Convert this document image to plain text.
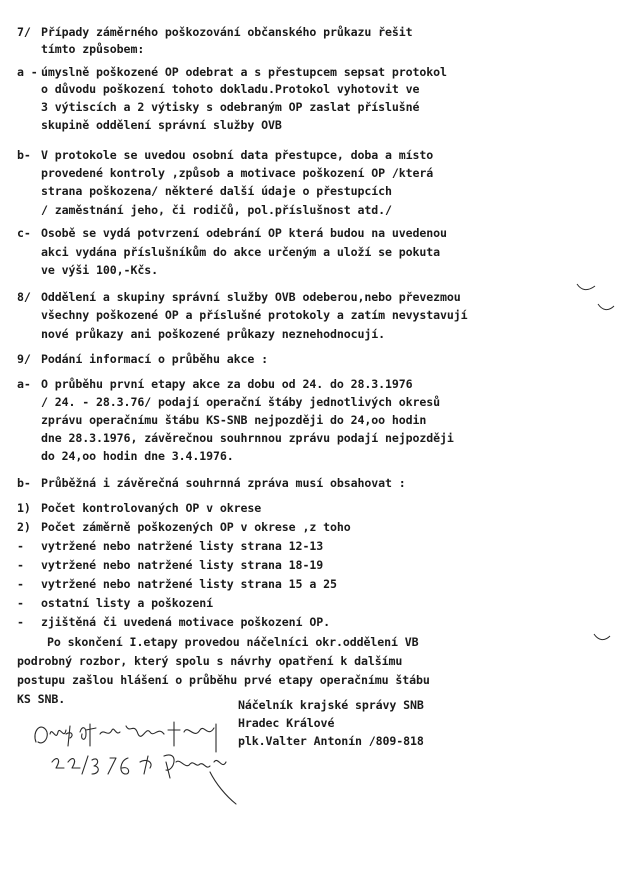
7/ Případy záměrného poškozování občanského průkazu řešit
tímto způsobem:
a - úmyslně poškozené OP odebrat a s přestupcem sepsat protokol
o důvodu poškození tohoto dokladu.Protokol vyhotovit ve
3 výtiscích a 2 výtisky s odebraným OP zaslat příslušné
skupině oddělení správní služby OVB
b- V protokole se uvedou osobní data přestupce, doba a místo
provedené kontroly ,způsob a motivace poškození OP /která
strana poškozena/ některé další údaje o přestupcích
/ zaměstnání jeho, či rodičů, pol.příslušnost atd./
c- Osobě se vydá potvrzení odebrání OP která budou na uvedenou
akci vydána příslušníkům do akce určeným a uloží se pokuta
ve výši 100,-Kčs.
8/ Oddělení a skupiny správní služby OVB odeberou,nebo převezmou
všechny poškozené OP a příslušné protokoly a zatím nevystavují
nové průkazy ani poškozené průkazy neznehodnocují.
9/ Podání informací o průběhu akce :
a- O průběhu první etapy akce za dobu od 24. do 28.3.1976
/ 24. - 28.3.76/ podají operační štáby jednotlivých okresů
zprávu operačnímu štábu KS-SNB nejpozději do 24,oo hodin
dne 28.3.1976, závěrečnou souhrnnou zprávu podají nejpozději
do 24,oo hodin dne 3.4.1976.
b- Průběžná i závěrečná souhrnná zpráva musí obsahovat :
1) Počet kontrolovaných OP v okrese
2) Počet záměrně poškozených OP v okrese ,z toho
- vytržené nebo natržené listy strana 12-13
- vytržené nebo natržené listy strana 18-19
- vytržené nebo natržené listy strana 15 a 25
- ostatní listy a poškození
- zjištěná či uvedená motivace poškození OP.
Po skončení I.etapy provedou náčelníci okr.oddělení VB
podrobný rozbor, který spolu s návrhy opatření k dalšímu
postupu zašlou hlášení o průběhu prvé etapy operačnímu štábu
KS SNB.	Náčelník krajské správy SNB
Hradec Králové
plk.Valter Antonín /809-818
